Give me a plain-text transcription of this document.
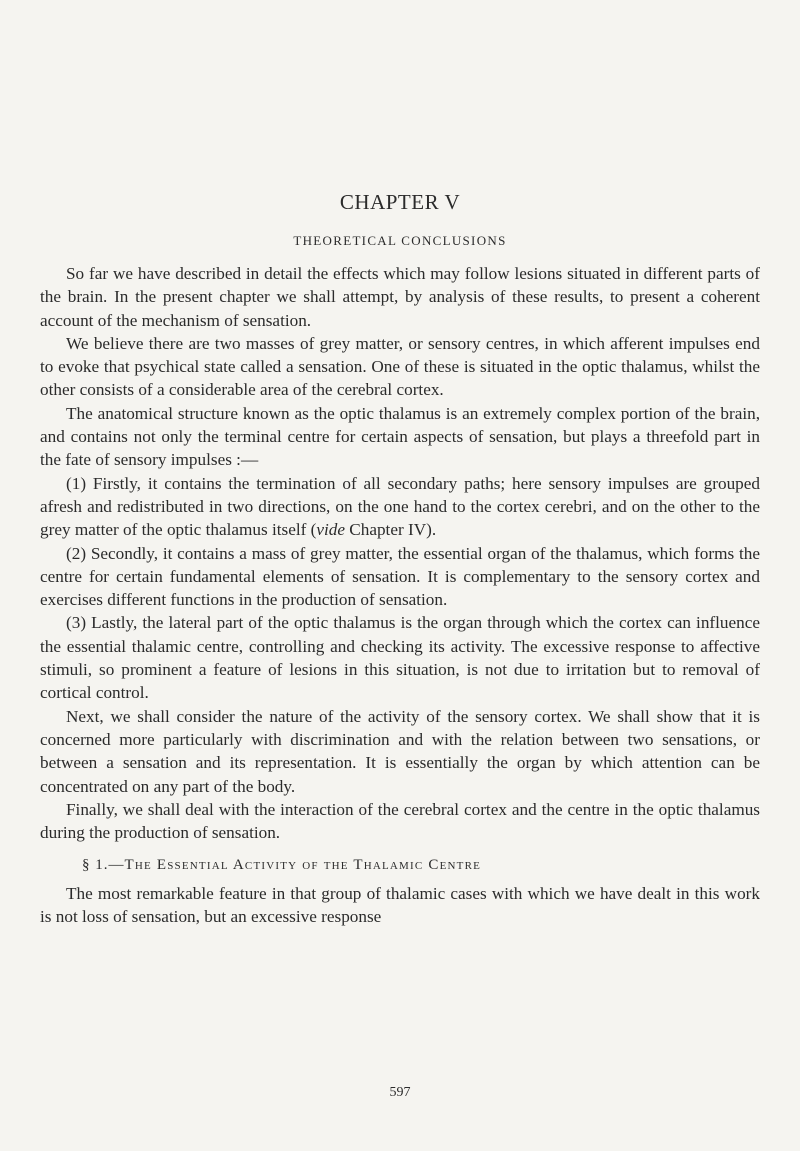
CHAPTER V
THEORETICAL CONCLUSIONS

So far we have described in detail the effects which may follow lesions situated in different parts of the brain. In the present chapter we shall attempt, by analysis of these results, to present a coherent account of the mechanism of sensation.

We believe there are two masses of grey matter, or sensory centres, in which afferent impulses end to evoke that psychical state called a sensation. One of these is situated in the optic thalamus, whilst the other consists of a considerable area of the cerebral cortex.

The anatomical structure known as the optic thalamus is an extremely complex portion of the brain, and contains not only the terminal centre for certain aspects of sensation, but plays a threefold part in the fate of sensory impulses :—

(1) Firstly, it contains the termination of all secondary paths; here sensory impulses are grouped afresh and redistributed in two directions, on the one hand to the cortex cerebri, and on the other to the grey matter of the optic thalamus itself (vide Chapter IV).

(2) Secondly, it contains a mass of grey matter, the essential organ of the thalamus, which forms the centre for certain fundamental elements of sensation. It is complementary to the sensory cortex and exercises different functions in the production of sensation.

(3) Lastly, the lateral part of the optic thalamus is the organ through which the cortex can influence the essential thalamic centre, controlling and checking its activity. The excessive response to affective stimuli, so prominent a feature of lesions in this situation, is not due to irritation but to removal of cortical control.

Next, we shall consider the nature of the activity of the sensory cortex. We shall show that it is concerned more particularly with discrimination and with the relation between two sensations, or between a sensation and its representation. It is essentially the organ by which attention can be concentrated on any part of the body.

Finally, we shall deal with the interaction of the cerebral cortex and the centre in the optic thalamus during the production of sensation.

§ 1.—The Essential Activity of the Thalamic Centre

The most remarkable feature in that group of thalamic cases with which we have dealt in this work is not loss of sensation, but an excessive response

597
